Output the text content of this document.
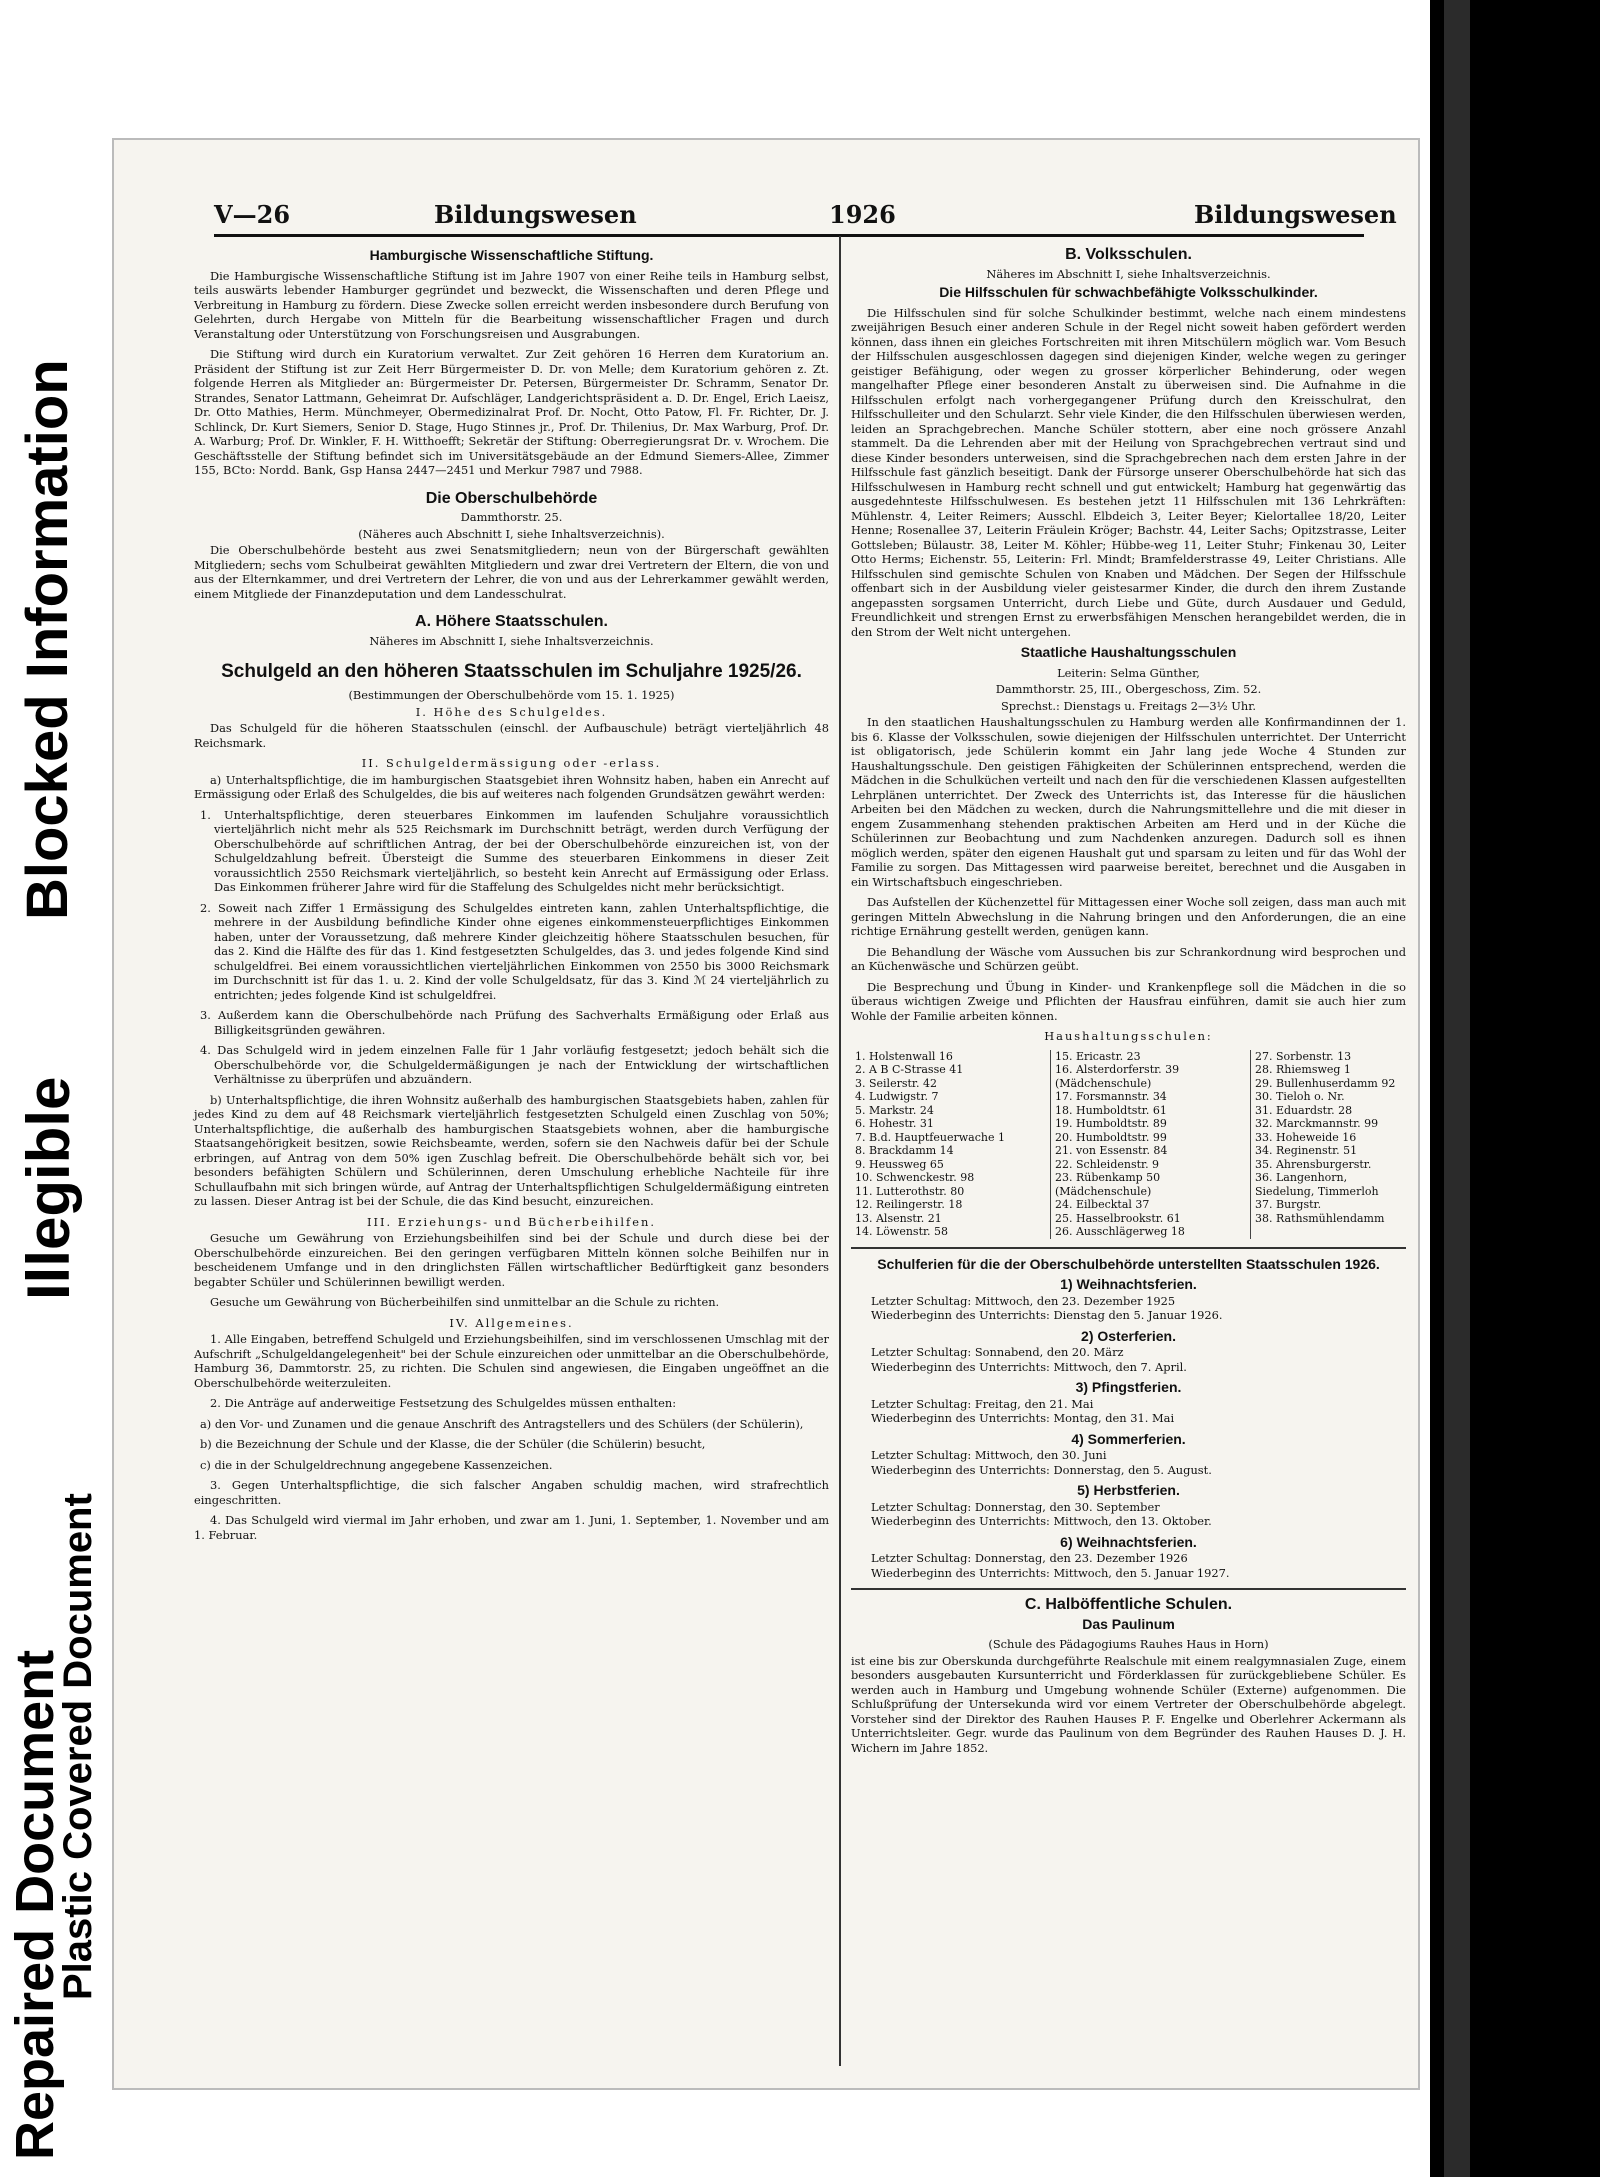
Repaired Document
Plastic Covered Document
Illegible
Blocked Information
V—26	Bildungswesen	1926	Bildungswesen
Hamburgische Wissenschaftliche Stiftung.

Die Hamburgische Wissenschaftliche Stiftung ist im Jahre 1907 von einer Reihe teils in Hamburg selbst, teils auswärts lebender Hamburger gegründet und bezweckt, die Wissenschaften und deren Pflege und Verbreitung in Hamburg zu fördern. Diese Zwecke sollen erreicht werden insbesondere durch Berufung von Gelehrten, durch Hergabe von Mitteln für die Bearbeitung wissenschaftlicher Fragen und durch Veranstaltung oder Unterstützung von Forschungsreisen und Ausgrabungen.

Die Stiftung wird durch ein Kuratorium verwaltet. Zur Zeit gehören 16 Herren dem Kuratorium an. Präsident der Stiftung ist zur Zeit Herr Bürgermeister D. Dr. von Melle; dem Kuratorium gehören z. Zt. folgende Herren als Mitglieder an: Bürgermeister Dr. Petersen, Bürgermeister Dr. Schramm, Senator Dr. Strandes, Senator Lattmann, Geheimrat Dr. Aufschläger, Landgerichtspräsident a. D. Dr. Engel, Erich Laeisz, Dr. Otto Mathies, Herm. Münchmeyer, Obermedizinalrat Prof. Dr. Nocht, Otto Patow, Fl. Fr. Richter, Dr. J. Schlinck, Dr. Kurt Siemers, Senior D. Stage, Hugo Stinnes jr., Prof. Dr. Thilenius, Dr. Max Warburg, Prof. Dr. A. Warburg; Prof. Dr. Winkler, F. H. Witthoefft; Sekretär der Stiftung: Oberregierungsrat Dr. v. Wrochem. Die Geschäftsstelle der Stiftung befindet sich im Universitätsgebäude an der Edmund Siemers-Allee, Zimmer 155, BCto: Nordd. Bank, Gsp Hansa 2447—2451 und Merkur 7987 und 7988.

Die Oberschulbehörde
Dammthorstr. 25.
(Näheres auch Abschnitt I, siehe Inhaltsverzeichnis).

Die Oberschulbehörde besteht aus zwei Senatsmitgliedern; neun von der Bürgerschaft gewählten Mitgliedern; sechs vom Schulbeirat gewählten Mitgliedern und zwar drei Vertretern der Eltern, die von und aus der Elternkammer, und drei Vertretern der Lehrer, die von und aus der Lehrerkammer gewählt werden, einem Mitgliede der Finanzdeputation und dem Landesschulrat.

A. Höhere Staatsschulen.
Näheres im Abschnitt I, siehe Inhaltsverzeichnis.
Schulgeld an den höheren Staatsschulen im Schuljahre 1925/26.
(Bestimmungen der Oberschulbehörde vom 15. 1. 1925)
I. Höhe des Schulgeldes.

Das Schulgeld für die höheren Staatsschulen (einschl. der Aufbauschule) beträgt vierteljährlich 48 Reichsmark.

II. Schulgeldermässigung oder -erlass.

a) Unterhaltspflichtige, die im hamburgischen Staatsgebiet ihren Wohnsitz haben, haben ein Anrecht auf Ermässigung oder Erlaß des Schulgeldes, die bis auf weiteres nach folgenden Grundsätzen gewährt werden:

1. Unterhaltspflichtige, deren steuerbares Einkommen im laufenden Schuljahre voraussichtlich vierteljährlich nicht mehr als 525 Reichsmark im Durchschnitt beträgt, werden durch Verfügung der Oberschulbehörde auf schriftlichen Antrag, der bei der Oberschulbehörde einzureichen ist, von der Schulgeldzahlung befreit. Übersteigt die Summe des steuerbaren Einkommens in dieser Zeit voraussichtlich 2550 Reichsmark vierteljährlich, so besteht kein Anrecht auf Ermässigung oder Erlass. Das Einkommen früherer Jahre wird für die Staffelung des Schulgeldes nicht mehr berücksichtigt.
2. Soweit nach Ziffer 1 Ermässigung des Schulgeldes eintreten kann, zahlen Unterhaltspflichtige, die mehrere in der Ausbildung befindliche Kinder ohne eigenes einkommensteuerpflichtiges Einkommen haben, unter der Voraussetzung, daß mehrere Kinder gleichzeitig höhere Staatsschulen besuchen, für das 2. Kind die Hälfte des für das 1. Kind festgesetzten Schulgeldes, das 3. und jedes folgende Kind sind schulgeldfrei. Bei einem voraussichtlichen vierteljährlichen Einkommen von 2550 bis 3000 Reichsmark im Durchschnitt ist für das 1. u. 2. Kind der volle Schulgeldsatz, für das 3. Kind ℳ 24 vierteljährlich zu entrichten; jedes folgende Kind ist schulgeldfrei.
3. Außerdem kann die Oberschulbehörde nach Prüfung des Sachverhalts Ermäßigung oder Erlaß aus Billigkeitsgründen gewähren.
4. Das Schulgeld wird in jedem einzelnen Falle für 1 Jahr vorläufig festgesetzt; jedoch behält sich die Oberschulbehörde vor, die Schulgeldermäßigungen je nach der Entwicklung der wirtschaftlichen Verhältnisse zu überprüfen und abzuändern.

b) Unterhaltspflichtige, die ihren Wohnsitz außerhalb des hamburgischen Staatsgebiets haben, zahlen für jedes Kind zu dem auf 48 Reichsmark vierteljährlich festgesetzten Schulgeld einen Zuschlag von 50%; Unterhaltspflichtige, die außerhalb des hamburgischen Staatsgebiets wohnen, aber die hamburgische Staatsangehörigkeit besitzen, sowie Reichsbeamte, werden, sofern sie den Nachweis dafür bei der Schule erbringen, auf Antrag von dem 50% igen Zuschlag befreit. Die Oberschulbehörde behält sich vor, bei besonders befähigten Schülern und Schülerinnen, deren Umschulung erhebliche Nachteile für ihre Schullaufbahn mit sich bringen würde, auf Antrag der Unterhaltspflichtigen Schulgeldermäßigung eintreten zu lassen. Dieser Antrag ist bei der Schule, die das Kind besucht, einzureichen.

III. Erziehungs- und Bücherbeihilfen.

Gesuche um Gewährung von Erziehungsbeihilfen sind bei der Schule und durch diese bei der Oberschulbehörde einzureichen. Bei den geringen verfügbaren Mitteln können solche Beihilfen nur in bescheidenem Umfange und in den dringlichsten Fällen wirtschaftlicher Bedürftigkeit ganz besonders begabter Schüler und Schülerinnen bewilligt werden.

Gesuche um Gewährung von Bücherbeihilfen sind unmittelbar an die Schule zu richten.

IV. Allgemeines.

1. Alle Eingaben, betreffend Schulgeld und Erziehungsbeihilfen, sind im verschlossenen Umschlag mit der Aufschrift „Schulgeldangelegenheit" bei der Schule einzureichen oder unmittelbar an die Oberschulbehörde, Hamburg 36, Dammtorstr. 25, zu richten. Die Schulen sind angewiesen, die Eingaben ungeöffnet an die Oberschulbehörde weiterzuleiten.

2. Die Anträge auf anderweitige Festsetzung des Schulgeldes müssen enthalten:

a) den Vor- und Zunamen und die genaue Anschrift des Antragstellers und des Schülers (der Schülerin),
b) die Bezeichnung der Schule und der Klasse, die der Schüler (die Schülerin) besucht,
c) die in der Schulgeldrechnung angegebene Kassenzeichen.

3. Gegen Unterhaltspflichtige, die sich falscher Angaben schuldig machen, wird strafrechtlich eingeschritten.

4. Das Schulgeld wird viermal im Jahr erhoben, und zwar am 1. Juni, 1. September, 1. November und am 1. Februar.

B. Volksschulen.
Näheres im Abschnitt I, siehe Inhaltsverzeichnis.
Die Hilfsschulen für schwachbefähigte Volksschulkinder.

Die Hilfsschulen sind für solche Schulkinder bestimmt, welche nach einem mindestens zweijährigen Besuch einer anderen Schule in der Regel nicht soweit haben gefördert werden können, dass ihnen ein gleiches Fortschreiten mit ihren Mitschülern möglich war. Vom Besuch der Hilfsschulen ausgeschlossen dagegen sind diejenigen Kinder, welche wegen zu geringer geistiger Befähigung, oder wegen zu grosser körperlicher Behinderung, oder wegen mangelhafter Pflege einer besonderen Anstalt zu überweisen sind. Die Aufnahme in die Hilfsschulen erfolgt nach vorhergegangener Prüfung durch den Kreisschulrat, den Hilfsschulleiter und den Schularzt. Sehr viele Kinder, die den Hilfsschulen überwiesen werden, leiden an Sprachgebrechen. Manche Schüler stottern, aber eine noch grössere Anzahl stammelt. Da die Lehrenden aber mit der Heilung von Sprachgebrechen vertraut sind und diese Kinder besonders unterweisen, sind die Sprachgebrechen nach dem ersten Jahre in der Hilfsschule fast gänzlich beseitigt. Dank der Fürsorge unserer Oberschulbehörde hat sich das Hilfsschulwesen in Hamburg recht schnell und gut entwickelt; Hamburg hat gegenwärtig das ausgedehnteste Hilfsschulwesen. Es bestehen jetzt 11 Hilfsschulen mit 136 Lehrkräften: Mühlenstr. 4, Leiter Reimers; Ausschl. Elbdeich 3, Leiter Beyer; Kielortallee 18/20, Leiter Henne; Rosenallee 37, Leiterin Fräulein Kröger; Bachstr. 44, Leiter Sachs; Opitzstrasse, Leiter Gottsleben; Bülaustr. 38, Leiter M. Köhler; Hübbe-weg 11, Leiter Stuhr; Finkenau 30, Leiter Otto Herms; Eichenstr. 55, Leiterin: Frl. Mindt; Bramfelderstrasse 49, Leiter Christians. Alle Hilfsschulen sind gemischte Schulen von Knaben und Mädchen. Der Segen der Hilfsschule offenbart sich in der Ausbildung vieler geistesarmer Kinder, die durch den ihrem Zustande angepassten sorgsamen Unterricht, durch Liebe und Güte, durch Ausdauer und Geduld, Freundlichkeit und strengen Ernst zu erwerbsfähigen Menschen herangebildet werden, die in den Strom der Welt nicht untergehen.

Staatliche Haushaltungsschulen
Leiterin: Selma Günther,
Dammthorstr. 25, III., Obergeschoss, Zim. 52.
Sprechst.: Dienstags u. Freitags 2—3½ Uhr.

In den staatlichen Haushaltungsschulen zu Hamburg werden alle Konfirmandinnen der 1. bis 6. Klasse der Volksschulen, sowie diejenigen der Hilfsschulen unterrichtet. Der Unterricht ist obligatorisch, jede Schülerin kommt ein Jahr lang jede Woche 4 Stunden zur Haushaltungsschule. Den geistigen Fähigkeiten der Schülerinnen entsprechend, werden die Mädchen in die Schulküchen verteilt und nach den für die verschiedenen Klassen aufgestellten Lehrplänen unterrichtet. Der Zweck des Unterrichts ist, das Interesse für die häuslichen Arbeiten bei den Mädchen zu wecken, durch die Nahrungsmittellehre und die mit dieser in engem Zusammenhang stehenden praktischen Arbeiten am Herd und in der Küche die Schülerinnen zur Beobachtung und zum Nachdenken anzuregen. Dadurch soll es ihnen möglich werden, später den eigenen Haushalt gut und sparsam zu leiten und für das Wohl der Familie zu sorgen. Das Mittagessen wird paarweise bereitet, berechnet und die Ausgaben in ein Wirtschaftsbuch eingeschrieben.

Das Aufstellen der Küchenzettel für Mittagessen einer Woche soll zeigen, dass man auch mit geringen Mitteln Abwechslung in die Nahrung bringen und den Anforderungen, die an eine richtige Ernährung gestellt werden, genügen kann.

Die Behandlung der Wäsche vom Aussuchen bis zur Schrankordnung wird besprochen und an Küchenwäsche und Schürzen geübt.

Die Besprechung und Übung in Kinder- und Krankenpflege soll die Mädchen in die so überaus wichtigen Zweige und Pflichten der Hausfrau einführen, damit sie auch hier zum Wohle der Familie arbeiten können.

Haushaltungsschulen:
1. Holstenwall 16
2. A B C-Strasse 41
3. Seilerstr. 42
4. Ludwigstr. 7
5. Markstr. 24
6. Hohestr. 31
7. B.d. Hauptfeuerwache 1
8. Brackdamm 14
9. Heussweg 65
10. Schwenckestr. 98
11. Lutterothstr. 80
12. Reilingerstr. 18
13. Alsenstr. 21
14. Löwenstr. 58
15. Ericastr. 23
16. Alsterdorferstr. 39
(Mädchenschule)
17. Forsmannstr. 34
18. Humboldtstr. 61
19. Humboldtstr. 89
20. Humboldtstr. 99
21. von Essenstr. 84
22. Schleidenstr. 9
23. Rübenkamp 50
(Mädchenschule)
24. Eilbecktal 37
25. Hasselbrookstr. 61
26. Ausschlägerweg 18
27. Sorbenstr. 13
28. Rhiemsweg 1
29. Bullenhuserdamm 92
30. Tieloh o. Nr.
31. Eduardstr. 28
32. Marckmannstr. 99
33. Hoheweide 16
34. Reginenstr. 51
35. Ahrensburgerstr.
36. Langenhorn, Siedelung, Timmerloh
37. Burgstr.
38. Rathsmühlendamm
Schulferien für die der Oberschulbehörde unterstellten Staatsschulen 1926.
1) Weihnachtsferien.
Letzter Schultag: Mittwoch, den 23. Dezember 1925
Wiederbeginn des Unterrichts: Dienstag den 5. Januar 1926.
2) Osterferien.
Letzter Schultag: Sonnabend, den 20. März
Wiederbeginn des Unterrichts: Mittwoch, den 7. April.
3) Pfingstferien.
Letzter Schultag: Freitag, den 21. Mai
Wiederbeginn des Unterrichts: Montag, den 31. Mai
4) Sommerferien.
Letzter Schultag: Mittwoch, den 30. Juni
Wiederbeginn des Unterrichts: Donnerstag, den 5. August.
5) Herbstferien.
Letzter Schultag: Donnerstag, den 30. September
Wiederbeginn des Unterrichts: Mittwoch, den 13. Oktober.
6) Weihnachtsferien.
Letzter Schultag: Donnerstag, den 23. Dezember 1926
Wiederbeginn des Unterrichts: Mittwoch, den 5. Januar 1927.
C. Halböffentliche Schulen.
Das Paulinum
(Schule des Pädagogiums Rauhes Haus in Horn)

ist eine bis zur Oberskunda durchgeführte Realschule mit einem realgymnasialen Zuge, einem besonders ausgebauten Kursunterricht und Förderklassen für zurückgebliebene Schüler. Es werden auch in Hamburg und Umgebung wohnende Schüler (Externe) aufgenommen. Die Schlußprüfung der Untersekunda wird vor einem Vertreter der Oberschulbehörde abgelegt. Vorsteher sind der Direktor des Rauhen Hauses P. F. Engelke und Oberlehrer Ackermann als Unterrichtsleiter. Gegr. wurde das Paulinum von dem Begründer des Rauhen Hauses D. J. H. Wichern im Jahre 1852.
